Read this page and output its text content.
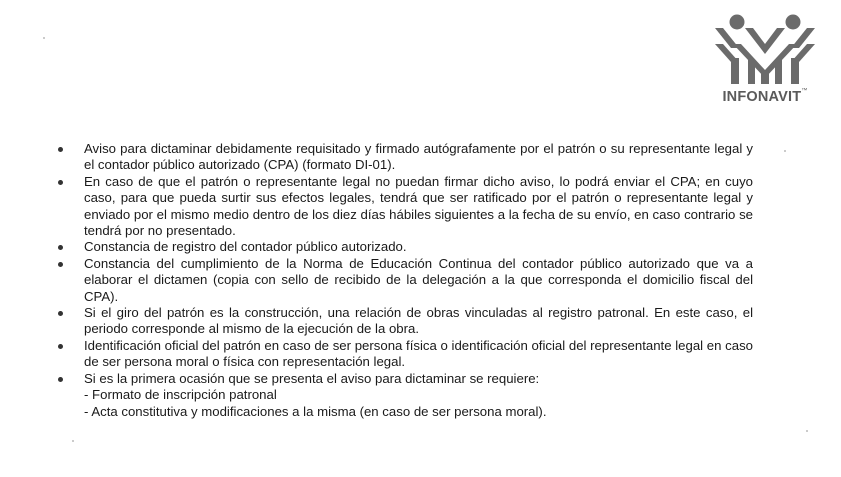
INFONAVIT™
Aviso para dictaminar debidamente requisitado y firmado autógrafamente por el patrón o su representante legal y el contador público autorizado (CPA) (formato DI-01).
En caso de que el patrón o representante legal no puedan firmar dicho aviso, lo podrá enviar el CPA; en cuyo caso, para que pueda surtir sus efectos legales, tendrá que ser ratificado por el patrón o representante legal y enviado por el mismo medio dentro de los diez días hábiles siguientes a la fecha de su envío, en caso contrario se tendrá por no presentado.
Constancia de registro del contador público autorizado.
Constancia del cumplimiento de la Norma de Educación Continua del contador público autorizado que va a elaborar el dictamen (copia con sello de recibido de la delegación a la que corresponda el domicilio fiscal del CPA).
Si el giro del patrón es la construcción, una relación de obras vinculadas al registro patronal. En este caso, el periodo corresponde al mismo de la ejecución de la obra.
Identificación oficial del patrón en caso de ser persona física o identificación oficial del representante legal en caso de ser persona moral o física con representación legal.
Si es la primera ocasión que se presenta el aviso para dictaminar se requiere:
- Formato de inscripción patronal
- Acta constitutiva y modificaciones a la misma (en caso de ser persona moral).
